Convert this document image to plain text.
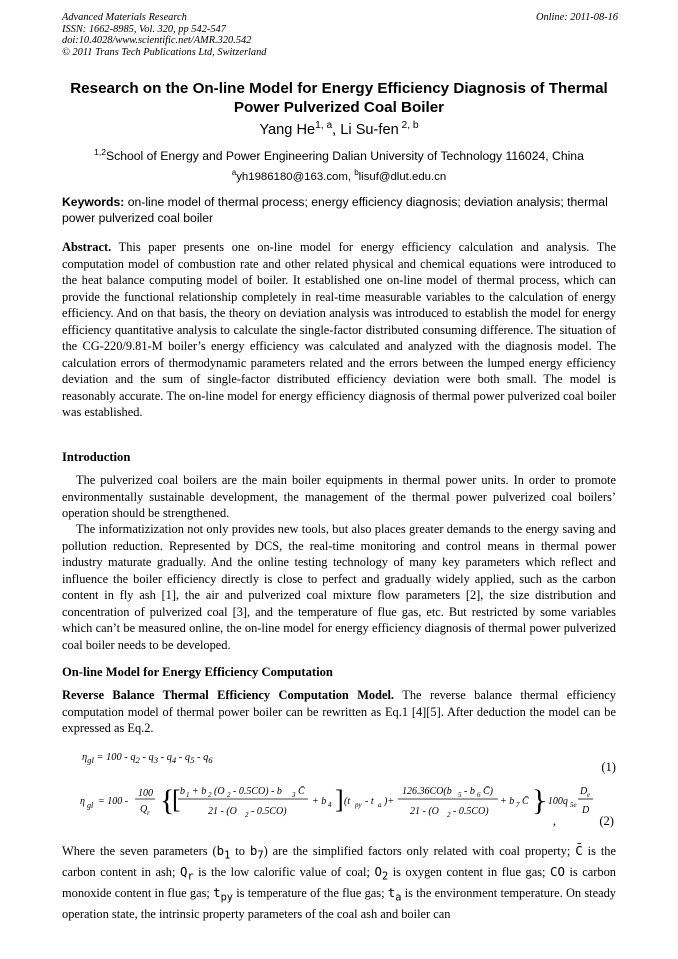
Advanced Materials Research
ISSN: 1662-8985, Vol. 320, pp 542-547
doi:10.4028/www.scientific.net/AMR.320.542
© 2011 Trans Tech Publications Ltd, Switzerland
Online: 2011-08-16
Research on the On-line Model for Energy Efficiency Diagnosis of Thermal Power Pulverized Coal Boiler
Yang He$^{1, a}$, Li Su-fen $^{2, b}$
$^{1,2}$School of Energy and Power Engineering Dalian University of Technology 116024, China
$^a$yh1986180@163.com, $^b$lisuf@dlut.edu.cn
Keywords: on-line model of thermal process; energy efficiency diagnosis; deviation analysis; thermal power pulverized coal boiler
Abstract. This paper presents one on-line model for energy efficiency calculation and analysis. The computation model of combustion rate and other related physical and chemical equations were introduced to the heat balance computing model of boiler. It established one on-line model of thermal process, which can provide the functional relationship completely in real-time measurable variables to the calculation of energy efficiency. And on that basis, the theory on deviation analysis was introduced to establish the model for energy efficiency quantitative analysis to calculate the single-factor distributed consuming difference. The situation of the CG-220/9.81-M boiler’s energy efficiency was calculated and analyzed with the diagnosis model. The calculation errors of thermodynamic parameters related and the errors between the lumped energy efficiency deviation and the sum of single-factor distributed efficiency deviation were both small. The model is reasonably accurate. The on-line model for energy efficiency diagnosis of thermal power pulverized coal boiler was established.
Introduction
The pulverized coal boilers are the main boiler equipments in thermal power units. In order to promote environmentally sustainable development, the management of the thermal power pulverized coal boilers’ operation should be strengthened.
The informatizization not only provides new tools, but also places greater demands to the energy saving and pollution reduction. Represented by DCS, the real-time monitoring and control means in thermal power industry maturate gradually. And the online testing technology of many key parameters which reflect and influence the boiler efficiency directly is close to perfect and gradually widely applied, such as the carbon content in fly ash [1], the air and pulverized coal mixture flow parameters [2], the size distribution and concentration of pulverized coal [3], and the temperature of flue gas, etc. But restricted by some variables which can’t be measured online, the on-line model for energy efficiency diagnosis of thermal power pulverized coal boiler needs to be developed.
On-line Model for Energy Efficiency Computation
Reverse Balance Thermal Efficiency Computation Model. The reverse balance thermal efficiency computation model of thermal power boiler can be rewritten as Eq.1 [4][5]. After deduction the model can be expressed as Eq.2.
$\eta_{gl} = 100 - q_2 - q_3 - q_4 - q_5 - q_6$	(1)
η gl = 100 -
100
Q r {
[ b 1 + b 2 (O 2 - 0.5CO) - b 3 C̄
21 - (O 2 - 0.5CO)
+ b 4 ] (t py - t a )+
126.36CO(b 5 - b 6 C̄)
21 - (O 2 - 0.5CO)
+ b 7 C̄ }
- 100q 5e
D e
D
(2)
,
Where the seven parameters ($b_1$ to $b_7$) are the simplified factors only related with coal property; C̄ is the carbon content in ash; $Q_r$ is the low calorific value of coal; $O_2$ is oxygen content in flue gas; CO is carbon monoxide content in flue gas; $t_{py}$ is temperature of the flue gas; $t_a$ is the environment temperature. On steady operation state, the intrinsic property parameters of the coal ash and boiler can
